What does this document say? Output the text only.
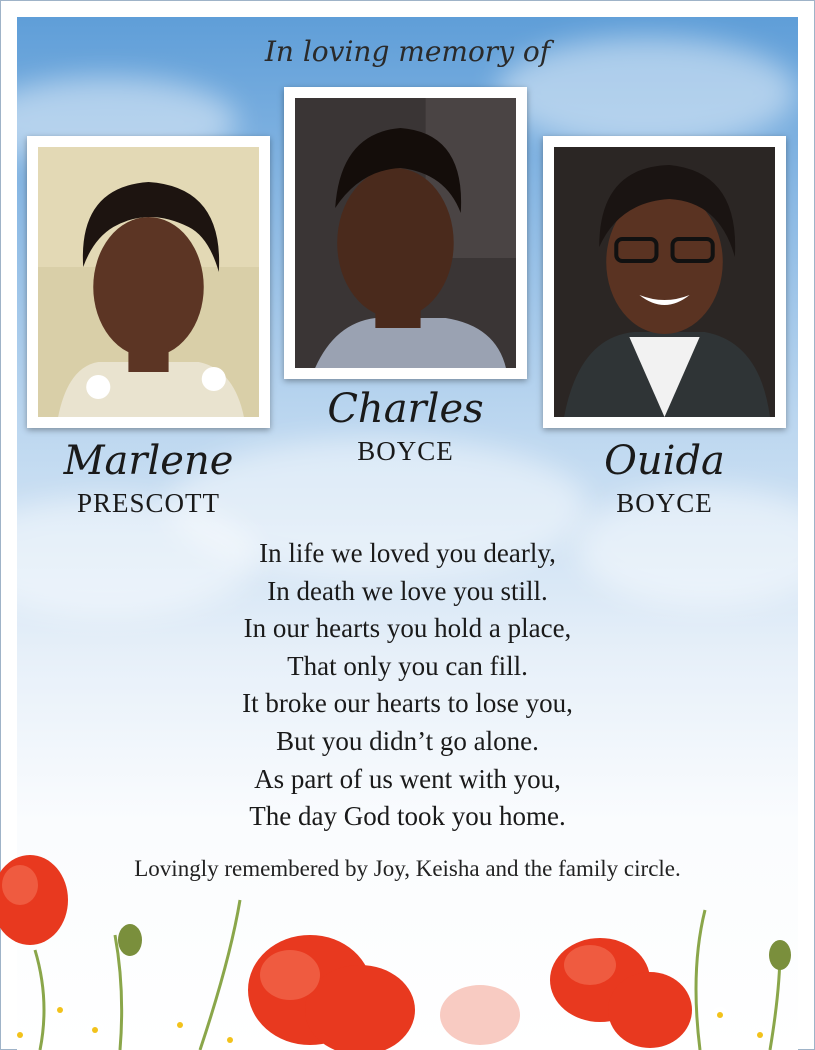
In loving memory of
Marlene
PRESCOTT
Charles
BOYCE	Ouida
BOYCE
In life we loved you dearly,
In death we love you still.
In our hearts you hold a place,
That only you can fill.
It broke our hearts to lose you,
But you didn’t go alone.
As part of us went with you,
The day God took you home.
Lovingly remembered by Joy, Keisha and the family circle.
